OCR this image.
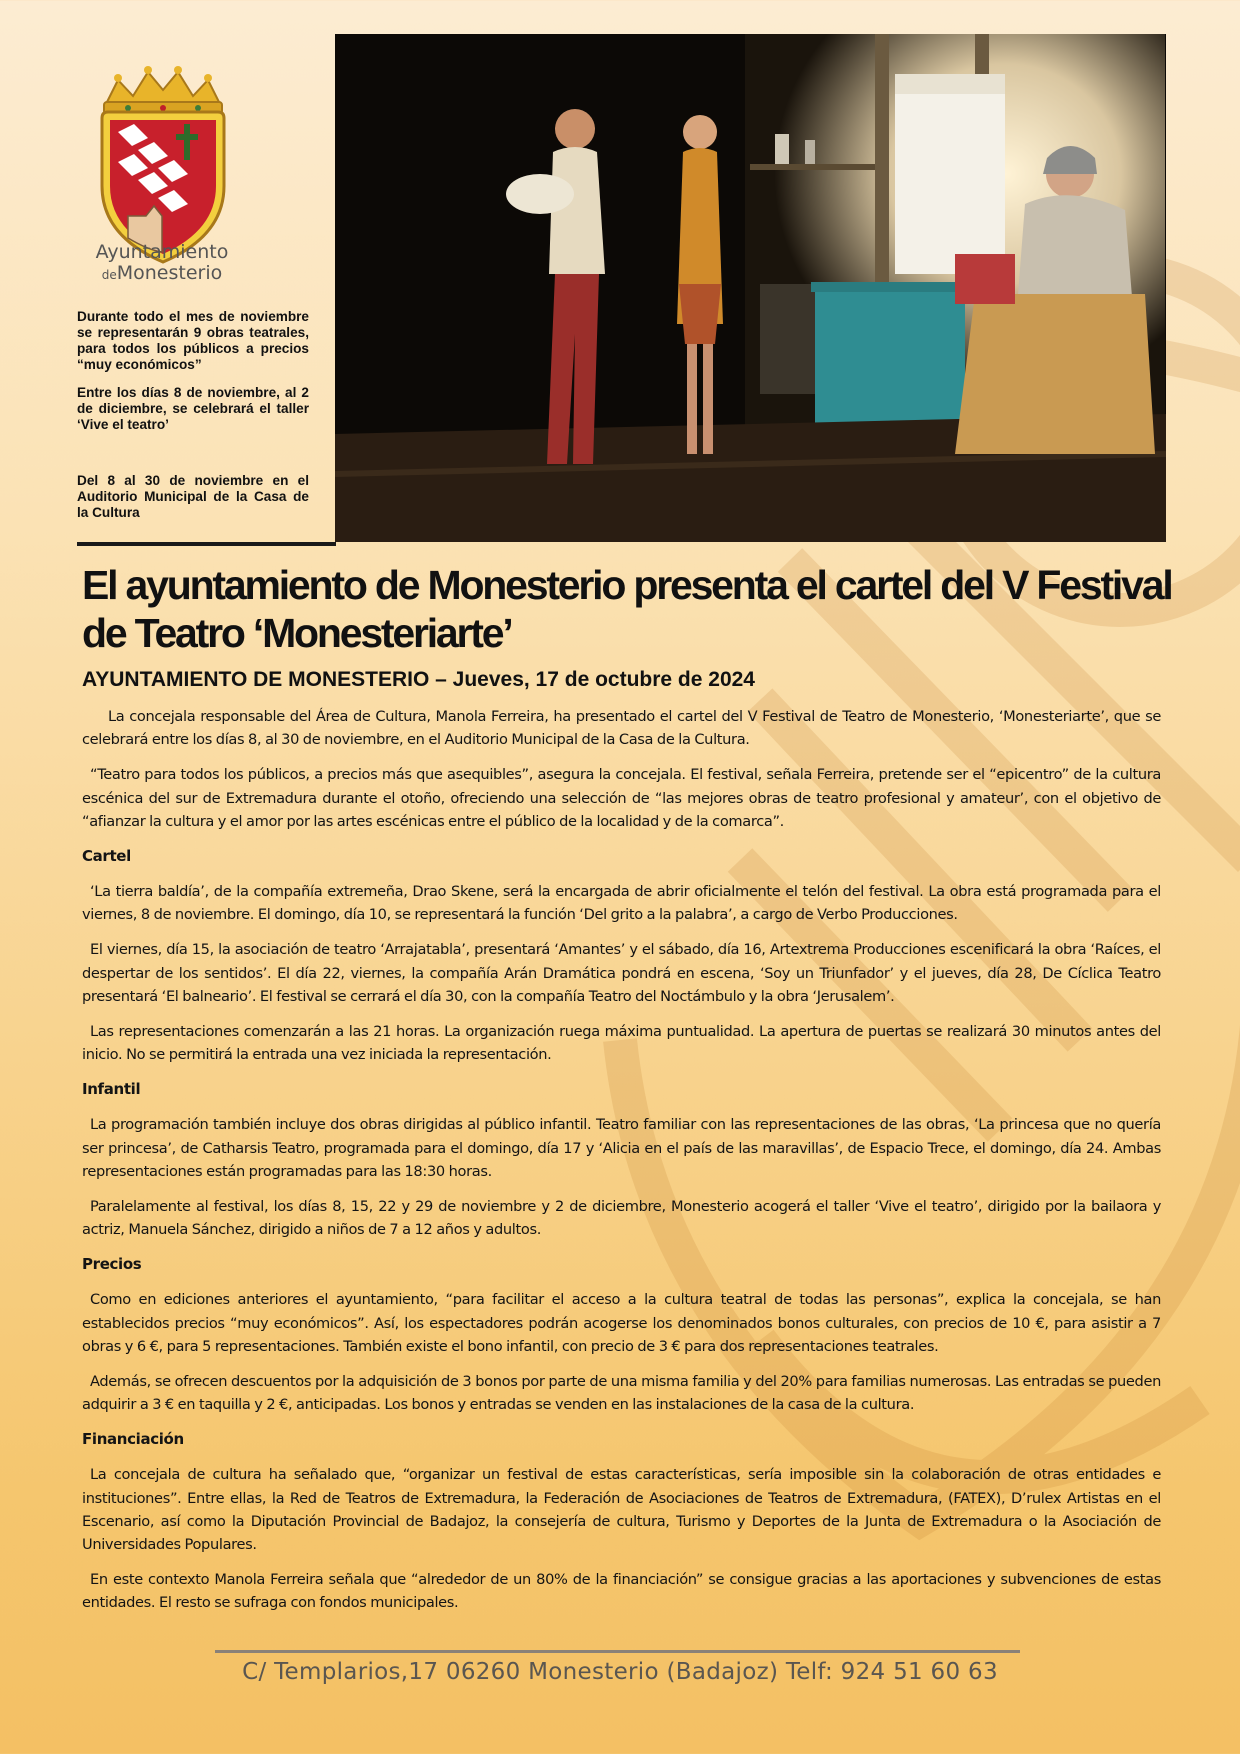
Ayuntamiento
deMonesterio
Durante todo el mes de noviembre se representarán 9 obras teatrales, para todos los públicos a precios “muy económicos”
Entre los días 8 de noviembre, al 2 de diciembre, se celebrará el taller ‘Vive el teatro’
Del 8 al 30 de noviembre en el Auditorio Municipal de la Casa de la Cultura
El ayuntamiento de Monesterio presenta el cartel del V Festival de Teatro ‘Monesteriarte’
AYUNTAMIENTO DE MONESTERIO – Jueves, 17 de octubre de 2024

La concejala responsable del Área de Cultura, Manola Ferreira, ha presentado el cartel del V Festival de Teatro de Monesterio, ‘Monesteriarte’, que se celebrará entre los días 8, al 30 de noviembre, en el Auditorio Municipal de la Casa de la Cultura.

“Teatro para todos los públicos, a precios más que asequibles”, asegura la concejala. El festival, señala Ferreira, pretende ser el “epicentro” de la cultura escénica del sur de Extremadura durante el otoño, ofreciendo una selección de “las mejores obras de teatro profesional y amateur’, con el objetivo de “afianzar la cultura y el amor por las artes escénicas entre el público de la localidad y de la comarca”.

Cartel

‘La tierra baldía’, de la compañía extremeña, Drao Skene, será la encargada de abrir oficialmente el telón del festival. La obra está programada para el viernes, 8 de noviembre. El domingo, día 10, se representará la función ‘Del grito a la palabra’, a cargo de Verbo Producciones.

El viernes, día 15, la asociación de teatro ‘Arrajatabla’, presentará ‘Amantes’ y el sábado, día 16, Artextrema Producciones escenificará la obra ‘Raíces, el despertar de los sentidos’. El día 22, viernes, la compañía Arán Dramática pondrá en escena, ‘Soy un Triunfador’ y el jueves, día 28, De Cíclica Teatro presentará ‘El balneario’. El festival se cerrará el día 30, con la compañía Teatro del Noctámbulo y la obra ‘Jerusalem’.

Las representaciones comenzarán a las 21 horas. La organización ruega máxima puntualidad. La apertura de puertas se realizará 30 minutos antes del inicio. No se permitirá la entrada una vez iniciada la representación.

Infantil

La programación también incluye dos obras dirigidas al público infantil. Teatro familiar con las representaciones de las obras, ‘La princesa que no quería ser princesa’, de Catharsis Teatro, programada para el domingo, día 17 y ‘Alicia en el país de las maravillas’, de Espacio Trece, el domingo, día 24. Ambas representaciones están programadas para las 18:30 horas.

Paralelamente al festival, los días 8, 15, 22 y 29 de noviembre y 2 de diciembre, Monesterio acogerá el taller ‘Vive el teatro’, dirigido por la bailaora y actriz, Manuela Sánchez, dirigido a niños de 7 a 12 años y adultos.

Precios

Como en ediciones anteriores el ayuntamiento, “para facilitar el acceso a la cultura teatral de todas las personas”, explica la concejala, se han establecidos precios “muy económicos”. Así, los espectadores podrán acogerse los denominados bonos culturales, con precios de 10 €, para asistir a 7 obras y 6 €, para 5 representaciones. También existe el bono infantil, con precio de 3 € para dos representaciones teatrales.

Además, se ofrecen descuentos por la adquisición de 3 bonos por parte de una misma familia y del 20% para familias numerosas. Las entradas se pueden adquirir a 3 € en taquilla y 2 €, anticipadas. Los bonos y entradas se venden en las instalaciones de la casa de la cultura.

Financiación

La concejala de cultura ha señalado que, “organizar un festival de estas características, sería imposible sin la colaboración de otras entidades e instituciones”. Entre ellas, la Red de Teatros de Extremadura, la Federación de Asociaciones de Teatros de Extremadura, (FATEX), D’rulex Artistas en el Escenario, así como la Diputación Provincial de Badajoz, la consejería de cultura, Turismo y Deportes de la Junta de Extremadura o la Asociación de Universidades Populares.

En este contexto Manola Ferreira señala que “alrededor de un 80% de la financiación” se consigue gracias a las aportaciones y subvenciones de estas entidades. El resto se sufraga con fondos municipales.

C/ Templarios,17 06260 Monesterio (Badajoz) Telf: 924 51 60 63
